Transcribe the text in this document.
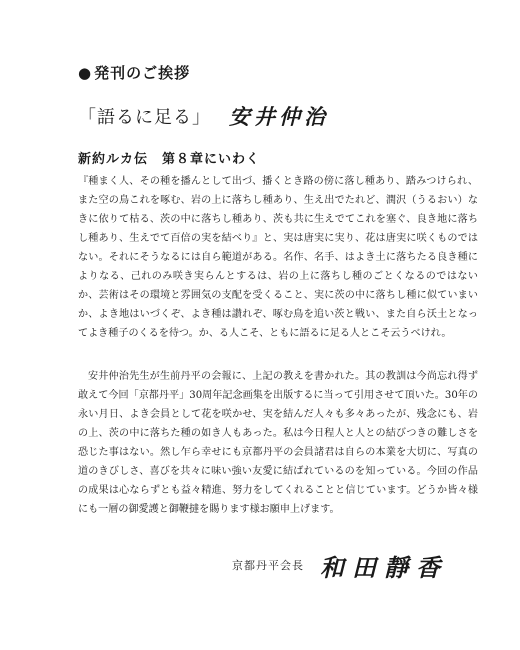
● 発刊のご挨拶
「語るに足る」 安井仲治
新約ルカ伝 第８章にいわく

『種まく人、その種を播んとして出づ、播くとき路の傍に落し種あり、踏みつけられ、また空の鳥これを啄む、岩の上に落ちし種あり、生え出でたれど、潤沢（うるおい）なきに依りて枯る、茨の中に落ちし種あり、茨も共に生えでてこれを塞ぐ、良き地に落ちし種あり、生えでて百倍の実を結べり』と、実は唐実に実り、花は唐実に咲くものではない。それにそうなるには自ら範道がある。名作、名手、はよき土に落ちたる良き種によりなる、己れのみ咲き実らんとするは、岩の上に落ちし種のごとくなるのではないか、芸術はその環境と雰囲気の支配を受くること、実に茨の中に落ちし種に似ていまいか、よき地はいづくぞ、よき種は讃れぞ、啄む鳥を追い茨と戦い、また自ら沃土となってよき種子のくるを待つ。か、る人こそ、ともに語るに足る人とこそ云うべけれ。

安井仲治先生が生前丹平の会報に、上記の教えを書かれた。其の教訓は今尚忘れ得ず敢えて今回「京都丹平」30周年記念画集を出版するに当って引用させて頂いた。30年の永い月日、よき会員として花を咲かせ、実を結んだ人々も多々あったが、残念にも、岩の上、茨の中に落ちた種の如き人もあった。私は今日程人と人との結びつきの難しさを恐じた事はない。然し乍ら幸せにも京都丹平の会員諸君は自らの本業を大切に、写真の道のきびしさ、喜びを共々に味い強い友愛に結ばれているのを知っている。今回の作品の成果は心ならずとも益々精進、努力をしてくれることと信じています。どうか皆々様にも一層の御愛護と御鞭撻を賜ります様お願申上げます。

京都丹平会長 和田靜香
